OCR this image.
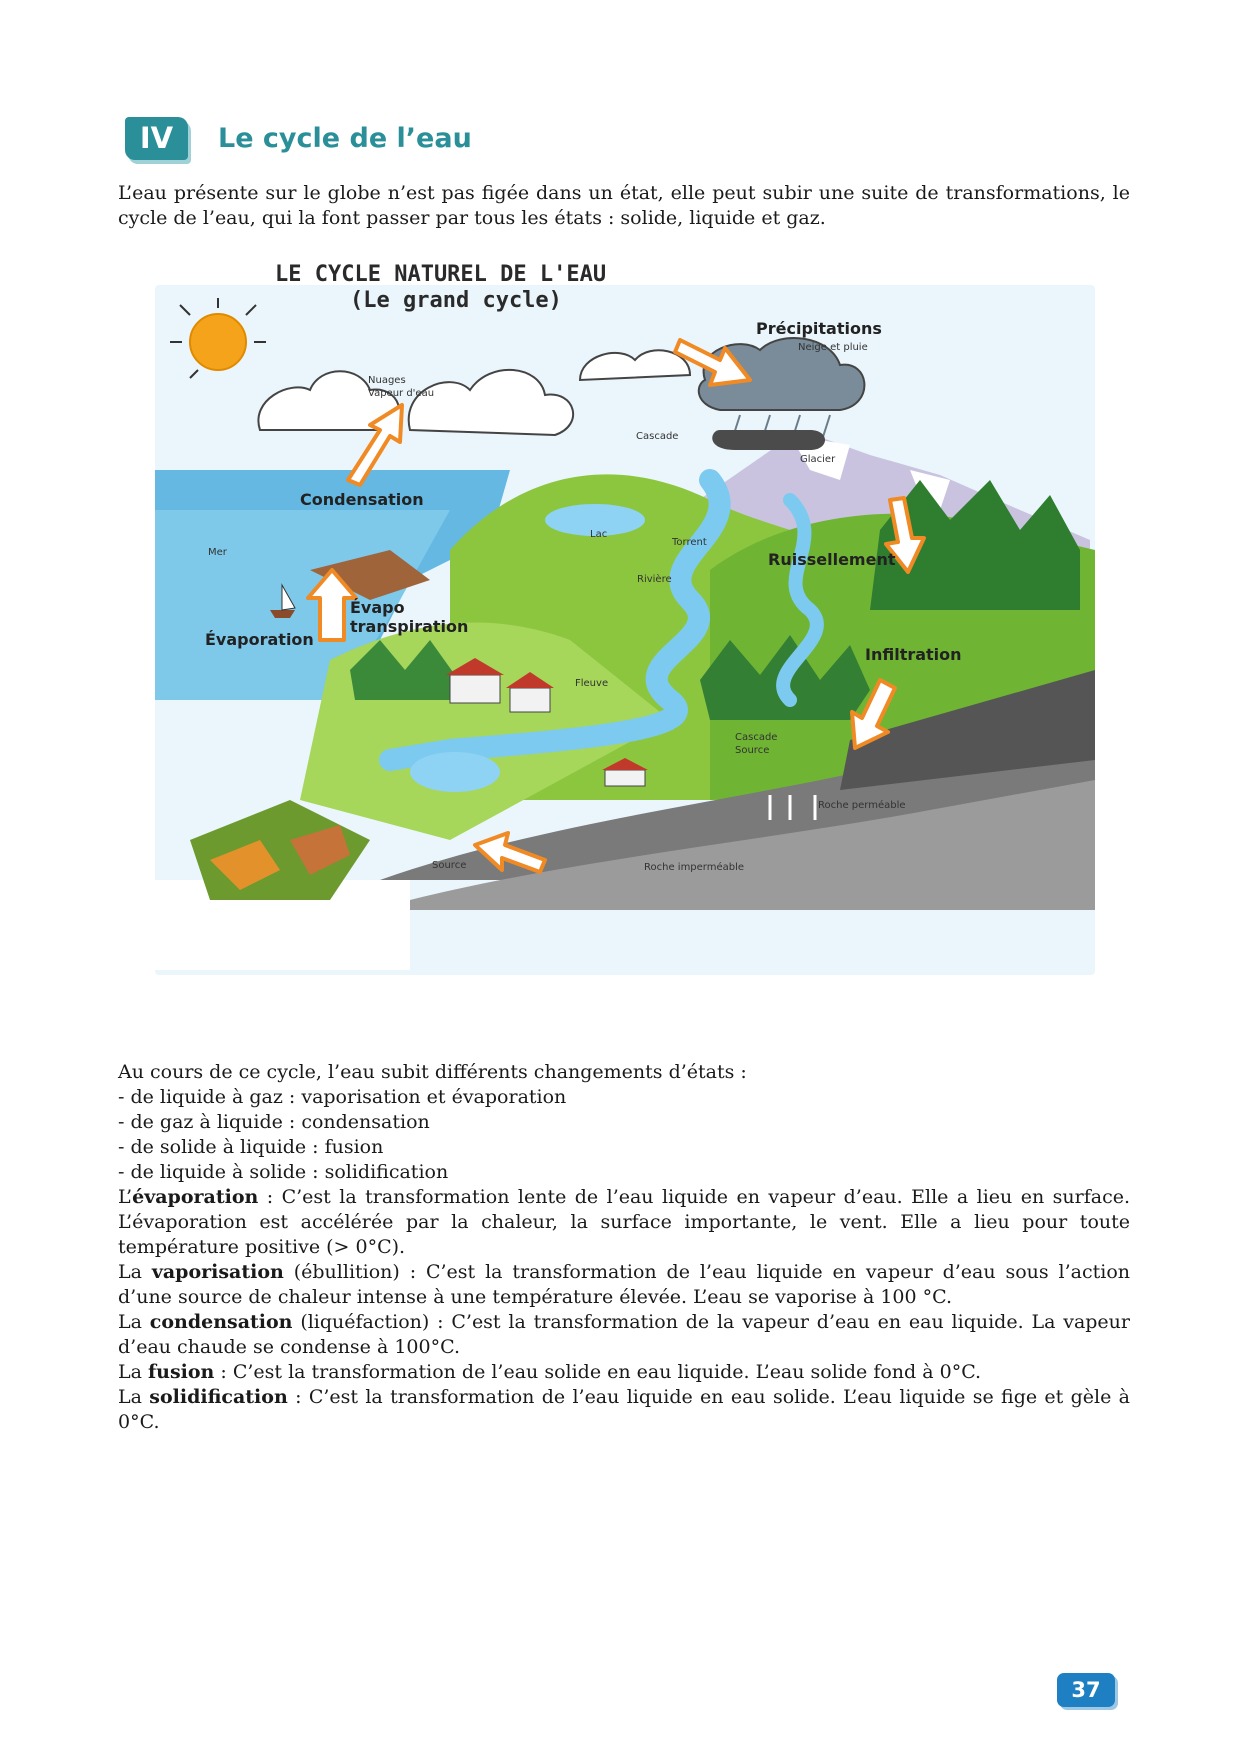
IV	Le cycle de l’eau

L’eau présente sur le globe n’est pas figée dans un état, elle peut subir une suite de transformations, le cycle de l’eau, qui la font passer par tous les états : solide, liquide et gaz.

LE CYCLE NATUREL DE L'EAU
(Le grand cycle)
Précipitations
Neige et pluie
Nuages
Vapeur d'eau
Condensation
Mer
Évaporation
Évapo
transpiration
Cascade
Glacier
Lac
Torrent
Rivière
Ruissellement
Infiltration
Fleuve
Cascade
Source
Roche perméable
Source	Roche imperméable

Au cours de ce cycle, l’eau subit différents changements d’états :

- de liquide à gaz : vaporisation et évaporation

- de gaz à liquide : condensation

- de solide à liquide : fusion

- de liquide à solide : solidification

L’évaporation : C’est la transformation lente de l’eau liquide en vapeur d’eau. Elle a lieu en surface. L’évaporation est accélérée par la chaleur, la surface importante, le vent. Elle a lieu pour toute température positive (> 0°C).

La vaporisation (ébullition) : C’est la transformation de l’eau liquide en vapeur d’eau sous l’action d’une source de chaleur intense à une température élevée. L’eau se vaporise à 100 °C.

La condensation (liquéfaction) : C’est la transformation de la vapeur d’eau en eau liquide. La vapeur d’eau chaude se condense à 100°C.

La fusion : C’est la transformation de l’eau solide en eau liquide. L’eau solide fond à 0°C.

La solidification : C’est la transformation de l’eau liquide en eau solide. L’eau liquide se fige et gèle à 0°C.

37
